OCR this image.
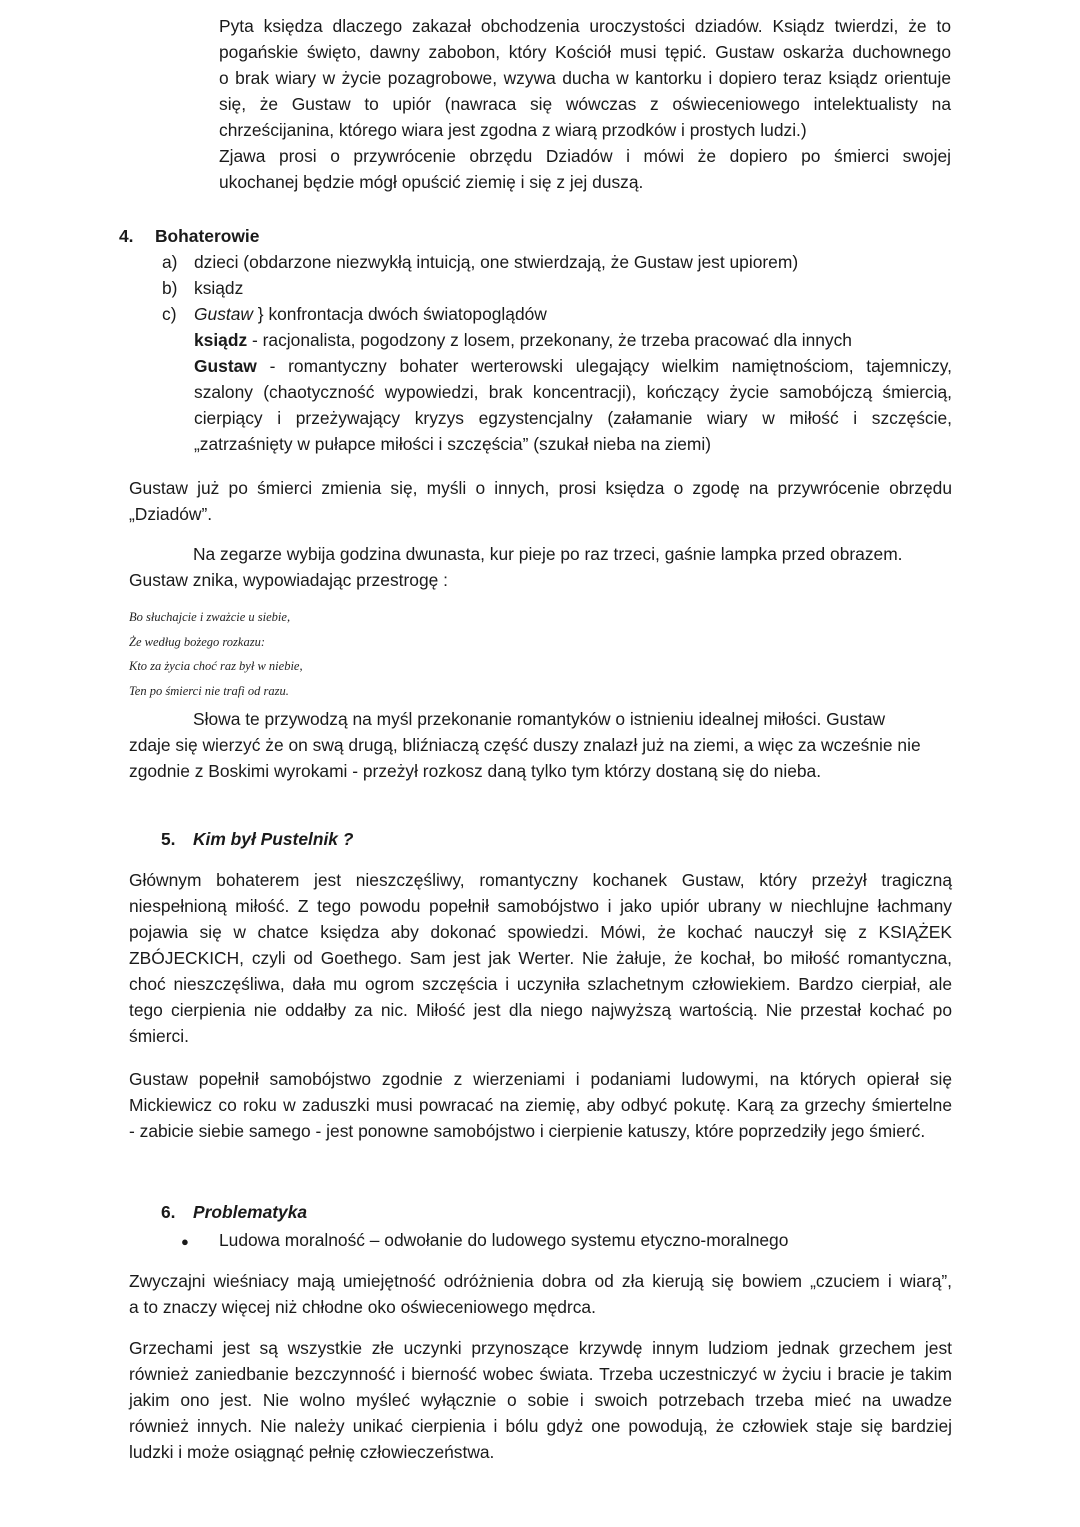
Pyta księdza dlaczego zakazał obchodzenia uroczystości dziadów. Ksiądz twierdzi, że to

pogańskie święto, dawny zabobon, który Kościół musi tępić. Gustaw oskarża duchownego

o brak wiary w życie pozagrobowe, wzywa ducha w kantorku i dopiero teraz ksiądz orientuje

się, że Gustaw to upiór (nawraca się wówczas z oświeceniowego intelektualisty na

chrześcijanina, którego wiara jest zgodna z wiarą przodków i prostych ludzi.)

Zjawa prosi o przywrócenie obrzędu Dziadów i mówi że dopiero po śmierci swojej

ukochanej będzie mógł opuścić ziemię i się z jej duszą.

4. Bohaterowie

a) dzieci (obdarzone niezwykłą intuicją, one stwierdzają, że Gustaw jest upiorem)

b) ksiądz

c) Gustaw } konfrontacja dwóch światopoglądów

ksiądz - racjonalista, pogodzony z losem, przekonany, że trzeba pracować dla innych

Gustaw - romantyczny bohater werterowski ulegający wielkim namiętnościom, tajemniczy,

szalony (chaotyczność wypowiedzi, brak koncentracji), kończący życie samobójczą śmiercią,

cierpiący i przeżywający kryzys egzystencjalny (załamanie wiary w miłość i szczęście,

„zatrzaśnięty w pułapce miłości i szczęścia” (szukał nieba na ziemi)

Gustaw już po śmierci zmienia się, myśli o innych, prosi księdza o zgodę na przywrócenie obrzędu

„Dziadów”.

Na zegarze wybija godzina dwunasta, kur pieje po raz trzeci, gaśnie lampka przed obrazem.

Gustaw znika, wypowiadając przestrogę :

Bo słuchajcie i zważcie u siebie,

Że według bożego rozkazu:

Kto za życia choć raz był w niebie,

Ten po śmierci nie trafi od razu.

Słowa te przywodzą na myśl przekonanie romantyków o istnieniu idealnej miłości. Gustaw

zdaje się wierzyć że on swą drugą, bliźniaczą część duszy znalazł już na ziemi, a więc za wcześnie nie

zgodnie z Boskimi wyrokami - przeżył rozkosz daną tylko tym którzy dostaną się do nieba.

5. Kim był Pustelnik ?

Głównym bohaterem jest nieszczęśliwy, romantyczny kochanek Gustaw, który przeżył tragiczną

niespełnioną miłość. Z tego powodu popełnił samobójstwo i jako upiór ubrany w niechlujne łachmany

pojawia się w chatce księdza aby dokonać spowiedzi. Mówi, że kochać nauczył się z KSIĄŻEK

ZBÓJECKICH, czyli od Goethego. Sam jest jak Werter. Nie żałuje, że kochał, bo miłość romantyczna,

choć nieszczęśliwa, dała mu ogrom szczęścia i uczyniła szlachetnym człowiekiem. Bardzo cierpiał, ale

tego cierpienia nie oddałby za nic. Miłość jest dla niego najwyższą wartością. Nie przestał kochać po

śmierci.

Gustaw popełnił samobójstwo zgodnie z wierzeniami i podaniami ludowymi, na których opierał się

Mickiewicz co roku w zaduszki musi powracać na ziemię, aby odbyć pokutę. Karą za grzechy śmiertelne

- zabicie siebie samego - jest ponowne samobójstwo i cierpienie katuszy, które poprzedziły jego śmierć.

6. Problematyka
● Ludowa moralność – odwołanie do ludowego systemu etyczno-moralnego

Zwyczajni wieśniacy mają umiejętność odróżnienia dobra od zła kierują się bowiem „czuciem i wiarą”,

a to znaczy więcej niż chłodne oko oświeceniowego mędrca.

Grzechami jest są wszystkie złe uczynki przynoszące krzywdę innym ludziom jednak grzechem jest

również zaniedbanie bezczynność i bierność wobec świata. Trzeba uczestniczyć w życiu i bracie je takim

jakim ono jest. Nie wolno myśleć wyłącznie o sobie i swoich potrzebach trzeba mieć na uwadze

również innych. Nie należy unikać cierpienia i bólu gdyż one powodują, że człowiek staje się bardziej

ludzki i może osiągnąć pełnię człowieczeństwa.
